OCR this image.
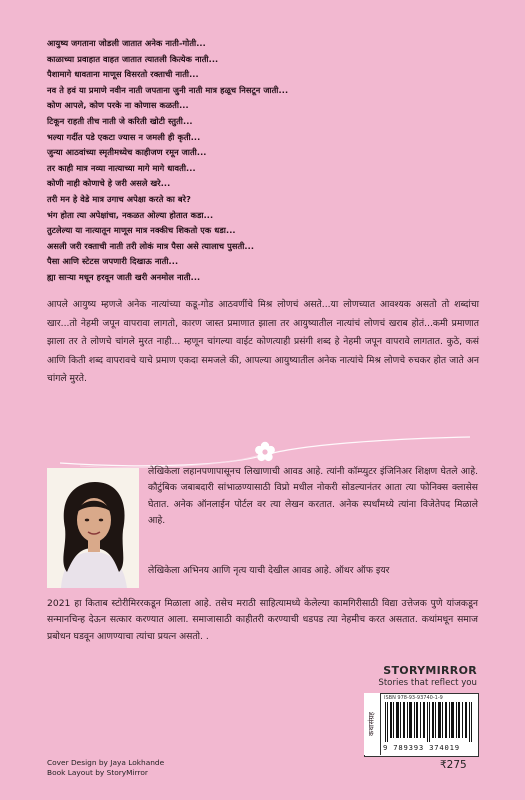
आयुष्य जगताना जोडली जातात अनेक नाती-गोती...
काळाच्या प्रवाहात वाहत जातात त्यातली कित्येक नाती...
पैशामागे धावताना माणूस विसरतो रक्ताची नाती...
नव ते हवं या प्रमाणे नवीन नाती जपताना जुनी नाती मात्र हळूच निसटून जाती...
कोण आपले, कोण परके ना कोणास कळती...
टिकून राहती तीच नाती जे करिती खोटी स्तुती...
भल्या गर्दीत पडे एकटा ज्यास न जमली ही कृती...
जुन्या आठवांच्या स्मृतीमध्येच काहीजण रमून जाती...
तर काही मात्र नव्या नात्याच्या मागे मागे धावती...
कोणी नाही कोणाचे हे जरी असले खरे...
तरी मन हे वेडे मात्र उगाच अपेक्षा करते का बरे?
भंग होता त्या अपेक्षांचा, नकळत ओल्या होतात कडा...
तुटलेल्या या नात्यातून माणूस मात्र नक्कीच शिकतो एक धडा...
असली जरी रक्ताची नाती तरी लोकं मात्र पैसा असे त्यालाच पुसती...
पैसा आणि स्टेटस जपणारी दिखाऊ नाती...
ह्या साऱ्या मधून हरवून जाती खरी अनमोल नाती...
आपले आयुष्य म्हणजे अनेक नात्यांच्या कडू-गोड आठवणींचे मिश्र लोणचं असते...या लोणच्यात आवश्यक असतो तो शब्दांचा खार...तो नेहमी जपून वापरावा लागतो, कारण जास्त प्रमाणात झाला तर आयुष्यातील नात्यांचं लोणचं खराब होतं...कमी प्रमाणात झाला तर ते लोणचे चांगले मुरत नाही... म्हणून चांगल्या वाईट कोणत्याही प्रसंगी शब्द हे नेहमी जपून वापरावे लागतात. कुठे, कसं आणि किती शब्द वापरावचे याचे प्रमाण एकदा समजले की, आपल्या आयुष्यातील अनेक नात्यांचे मिश्र लोणचे रुचकर होत जाते अन चांगले मुरते.
लेखिकेला लहानपणापासूनच लिखाणाची आवड आहे. त्यांनी कॉम्प्युटर इंजिनिअर शिक्षण घेतले आहे. कौटुंबिक जबाबदारी सांभाळण्यासाठी विप्रो मधील नोकरी सोडल्यानंतर आता त्या फोनिक्स क्लासेस घेतात. अनेक ऑनलाईन पोर्टल वर त्या लेखन करतात. अनेक स्पर्धांमध्ये त्यांना विजेतेपद मिळाले आहे.
लेखिकेला अभिनय आणि नृत्य याची देखील आवड आहे. ऑथर ऑफ इयर
2021 हा किताब स्टोरीमिररकडून मिळाला आहे. तसेच मराठी साहित्यामध्ये केलेल्या कामगिरीसाठी विद्या उत्तेजक पुणे यांजकडून सन्मानचिन्ह देऊन सत्कार करण्यात आला. समाजासाठी काहीतरी करण्याची धडपड त्या नेहमीच करत असतात. कथांमधून समाज प्रबोधन घडवून आणण्याचा त्यांचा प्रयत्न असतो. .
STORYMIRROR
Stories that reflect you
कथासंग्रह
ISBN 978-93-93740-1-9
9 789393 374019
₹275
Cover Design by Jaya Lokhande
Book Layout by StoryMirror
